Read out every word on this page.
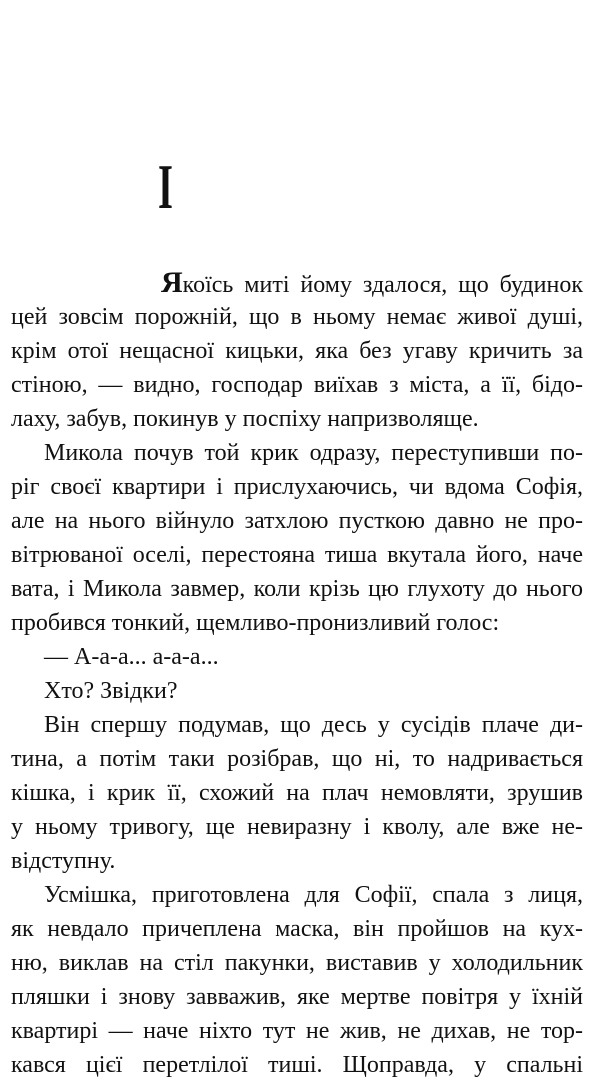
І
Якоїсь миті йому здалося, що будинок
цей зовсім порожній, що в ньому немає живої душі,
крім отої нещасної кицьки, яка без угаву кричить за
стіною, — видно, господар виїхав з міста, а її, бідо-
лаху, забув, покинув у поспіху напризволяще.
Микола почув той крик одразу, переступивши по-
ріг своєї квартири і прислухаючись, чи вдома Софія,
але на нього війнуло затхлою пусткою давно не про-
вітрюваної оселі, перестояна тиша вкутала його, наче
вата, і Микола завмер, коли крізь цю глухоту до нього
пробився тонкий, щемливо-пронизливий голос:
— А-а-а... а-а-а...
Хто? Звідки?
Він спершу подумав, що десь у сусідів плаче ди-
тина, а потім таки розібрав, що ні, то надривається
кішка, і крик її, схожий на плач немовляти, зрушив
у ньому тривогу, ще невиразну і кволу, але вже не-
відступну.
Усмішка, приготовлена для Софії, спала з лиця,
як невдало причеплена маска, він пройшов на кух-
ню, виклав на стіл пакунки, виставив у холодильник
пляшки і знову завважив, яке мертве повітря у їхній
квартирі — наче ніхто тут не жив, не дихав, не тор-
кався цієї перетлілої тиші. Щоправда, у спальні
